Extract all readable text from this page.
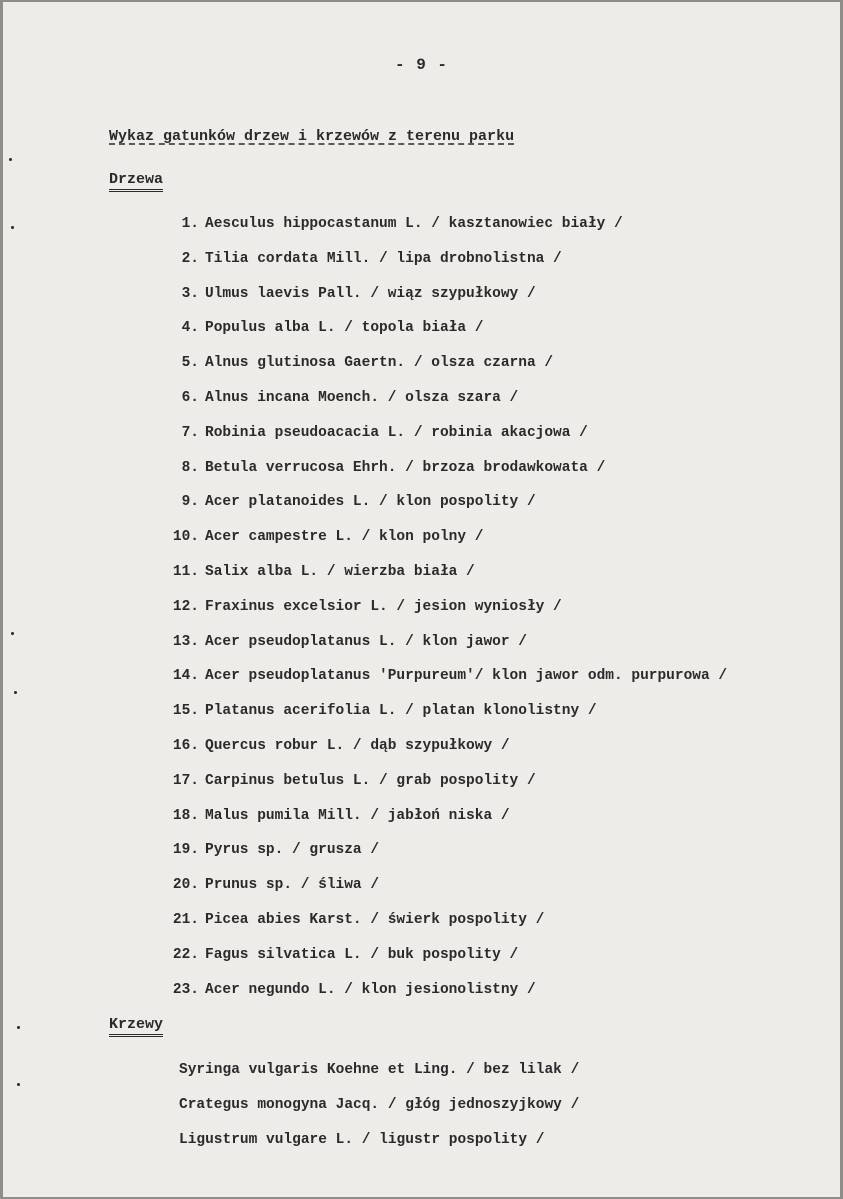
- 9 -
Wykaz gatunków drzew i krzewów z terenu parku
Drzewa
1. Aesculus hippocastanum L. / kasztanowiec biały /
2. Tilia cordata Mill. / lipa drobnolistna /
3. Ulmus laevis Pall. / wiąz szypułkowy /
4. Populus alba L. / topola biała /
5. Alnus glutinosa Gaertn. / olsza czarna /
6. Alnus incana Moench. / olsza szara /
7. Robinia pseudoacacia L. / robinia akacjowa /
8. Betula verrucosa Ehrh. / brzoza brodawkowata /
9. Acer platanoides L. / klon pospolity /
10. Acer campestre L. / klon polny /
11. Salix alba L. / wierzba biała /
12. Fraxinus excelsior L. / jesion wyniosły /
13. Acer pseudoplatanus L. / klon jawor /
14. Acer pseudoplatanus 'Purpureum'/ klon jawor odm. purpurowa /
15. Platanus acerifolia L. / platan klonolistny /
16. Quercus robur L. / dąb szypułkowy /
17. Carpinus betulus L. / grab pospolity /
18. Malus pumila Mill. / jabłoń niska /
19. Pyrus sp. / grusza /
20. Prunus sp. / śliwa /
21. Picea abies Karst. / świerk pospolity /
22. Fagus silvatica L. / buk pospolity /
23. Acer negundo L. / klon jesionolistny /
Krzewy
Syringa vulgaris Koehne et Ling. / bez lilak /
Crategus monogyna Jacq. / głóg jednoszyjkowy /
Ligustrum vulgare L. / ligustr pospolity /
